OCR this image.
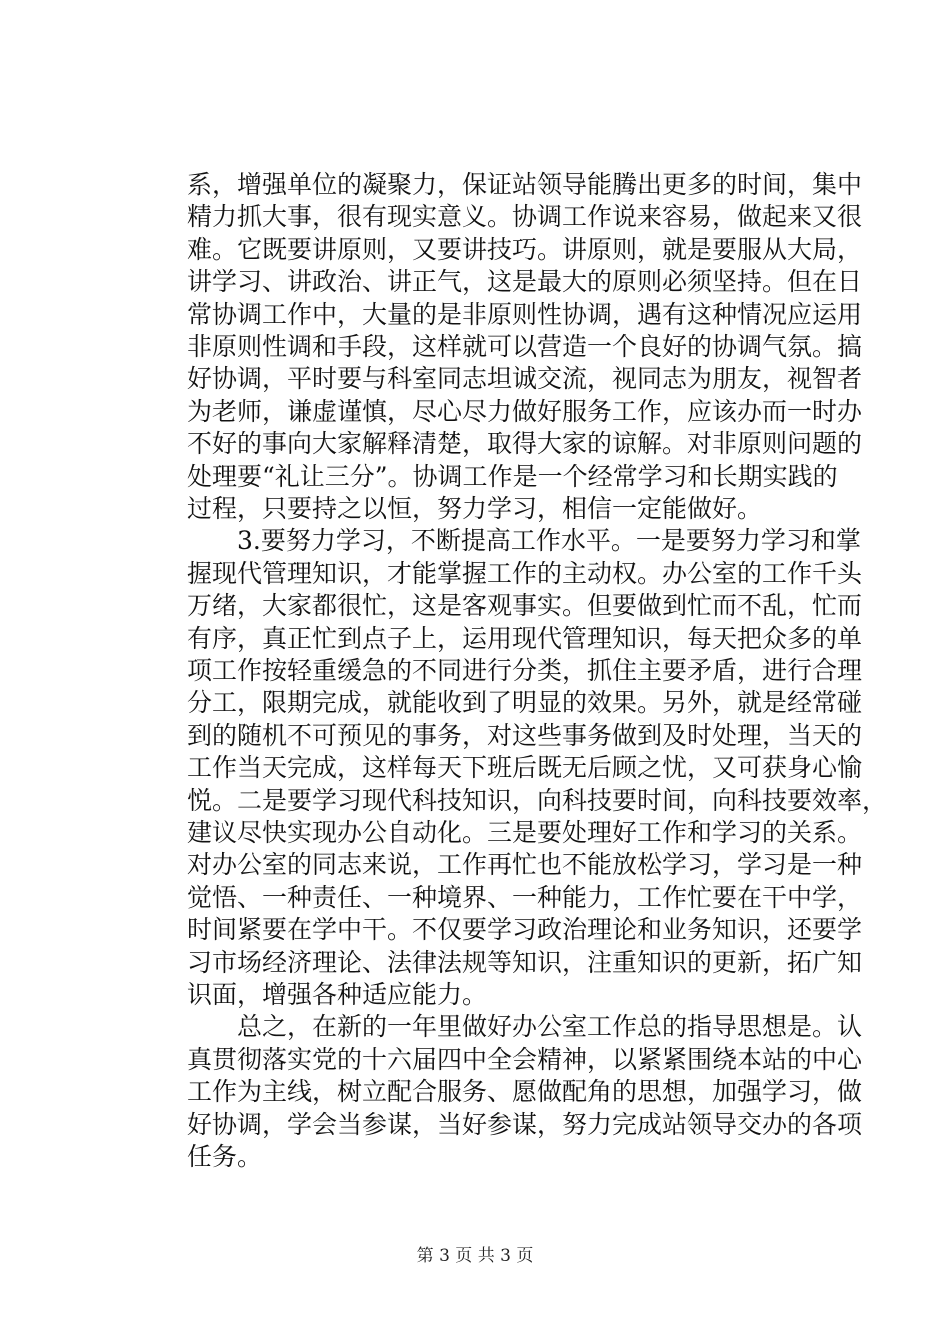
系，增强单位的凝聚力，保证站领导能腾出更多的时间，集中
精力抓大事，很有现实意义。协调工作说来容易，做起来又很
难。它既要讲原则，又要讲技巧。讲原则，就是要服从大局，
讲学习、讲政治、讲正气，这是最大的原则必须坚持。但在日
常协调工作中，大量的是非原则性协调，遇有这种情况应运用
非原则性调和手段，这样就可以营造一个良好的协调气氛。搞
好协调，平时要与科室同志坦诚交流，视同志为朋友，视智者
为老师，谦虚谨慎，尽心尽力做好服务工作，应该办而一时办
不好的事向大家解释清楚，取得大家的谅解。对非原则问题的
处理要“礼让三分”。协调工作是一个经常学习和长期实践的
过程，只要持之以恒，努力学习，相信一定能做好。
　　3.要努力学习，不断提高工作水平。一是要努力学习和掌
握现代管理知识，才能掌握工作的主动权。办公室的工作千头
万绪，大家都很忙，这是客观事实。但要做到忙而不乱，忙而
有序，真正忙到点子上，运用现代管理知识，每天把众多的单
项工作按轻重缓急的不同进行分类，抓住主要矛盾，进行合理
分工，限期完成，就能收到了明显的效果。另外，就是经常碰
到的随机不可预见的事务，对这些事务做到及时处理，当天的
工作当天完成，这样每天下班后既无后顾之忧，又可获身心愉
悦。二是要学习现代科技知识，向科技要时间，向科技要效率，
建议尽快实现办公自动化。三是要处理好工作和学习的关系。
对办公室的同志来说，工作再忙也不能放松学习，学习是一种
觉悟、一种责任、一种境界、一种能力，工作忙要在干中学，
时间紧要在学中干。不仅要学习政治理论和业务知识，还要学
习市场经济理论、法律法规等知识，注重知识的更新，拓广知
识面，增强各种适应能力。
　　总之，在新的一年里做好办公室工作总的指导思想是。认
真贯彻落实党的十六届四中全会精神，以紧紧围绕本站的中心
工作为主线，树立配合服务、愿做配角的思想，加强学习，做
好协调，学会当参谋，当好参谋，努力完成站领导交办的各项
任务。
第 3 页 共 3 页
